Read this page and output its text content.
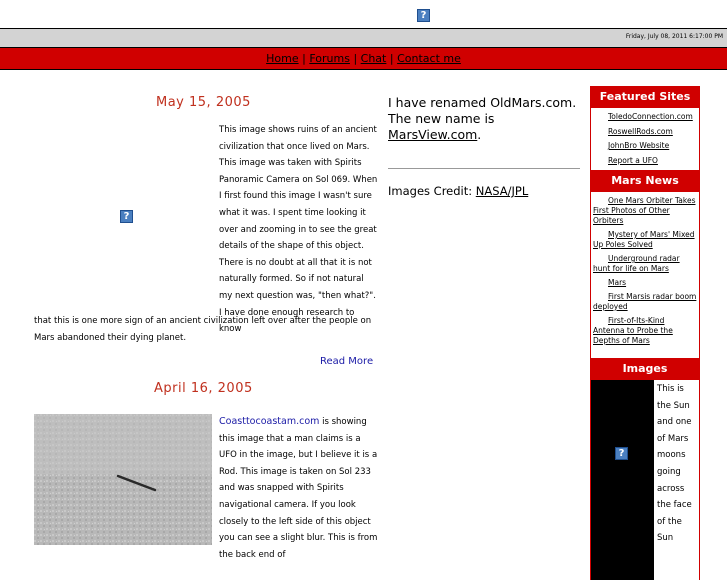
?
Friday, July 08, 2011 6:17:00 PM
Home | Forums | Chat | Contact me
May 15, 2005
?
This image shows ruins of an ancient civilization that once lived on Mars. This image was taken with Spirits Panoramic Camera on Sol 069. When I first found this image I wasn't sure what it was. I spent time looking it over and zooming in to see the great details of the shape of this object. There is no doubt at all that it is not naturally formed. So if not natural my next question was, "then what?". I have done enough research to know
that this is one more sign of an ancient civilization left over after the people on Mars abandoned their dying planet.
Read More
April 16, 2005
Coasttocoastam.com is showing this image that a man claims is a UFO in the image, but I believe it is a Rod. This image is taken on Sol 233 and was snapped with Spirits navigational camera. If you look closely to the left side of this object you can see a slight blur. This is from the back end of
I have renamed OldMars.com. The new name is MarsView.com.
Images Credit: NASA/JPL
Featured Sites
ToledoConnection.com
RoswellRods.com
JohnBro Website
Report a UFO
Mars News
One Mars Orbiter Takes First Photos of Other Orbiters
Mystery of Mars' Mixed Up Poles Solved
Underground radar hunt for life on Mars
Mars
First Marsis radar boom deployed
First-of-Its-Kind Antenna to Probe the Depths of Mars
Images
?
This is the Sun and one of Mars moons going across the face of the Sun
